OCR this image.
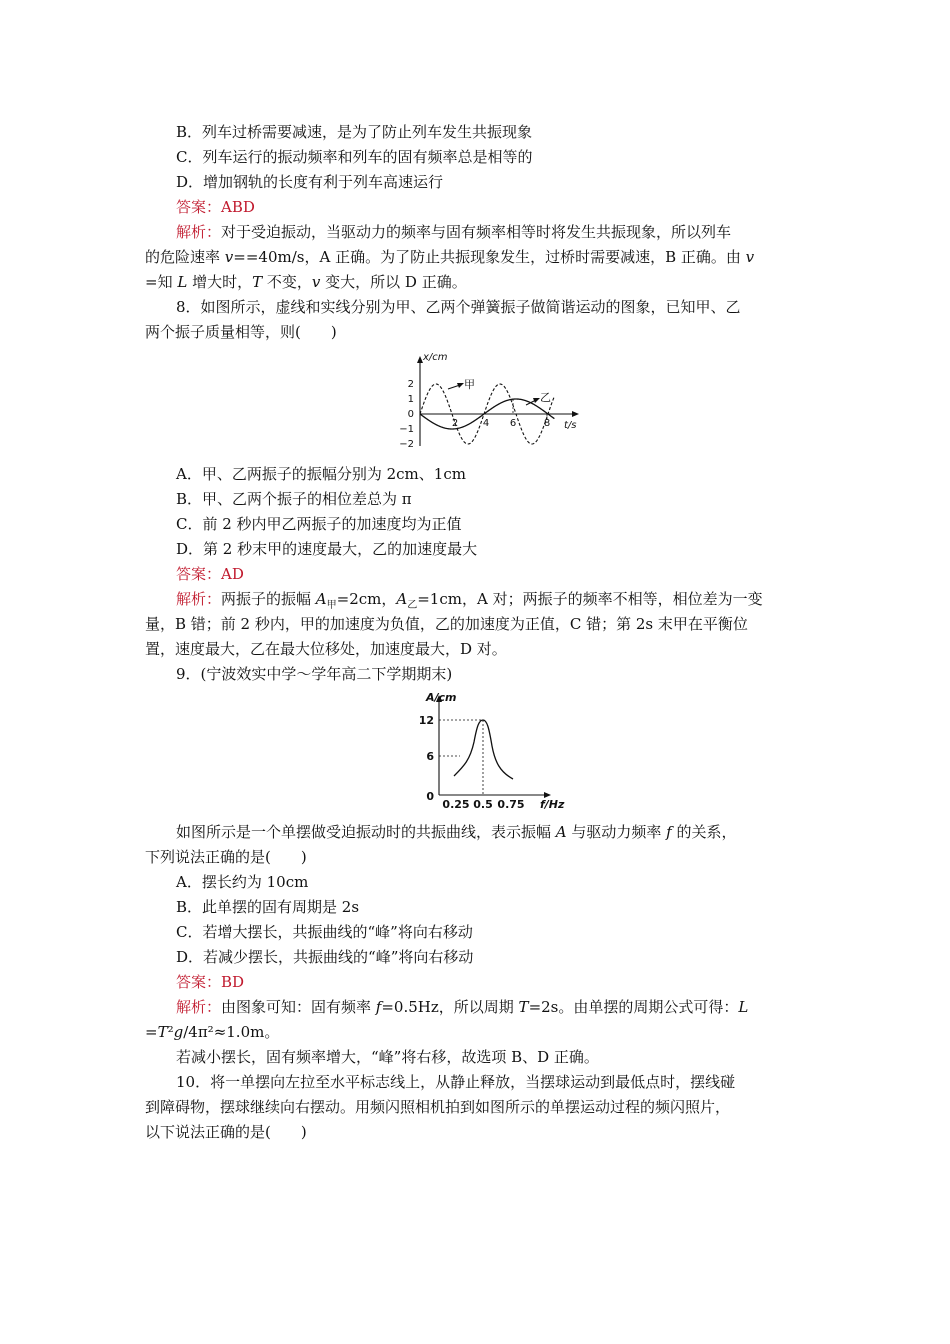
B．列车过桥需要减速，是为了防止列车发生共振现象
C．列车运行的振动频率和列车的固有频率总是相等的
D．增加钢轨的长度有利于列车高速运行
答案：ABD
解析：对于受迫振动，当驱动力的频率与固有频率相等时将发生共振现象，所以列车
的危险速率 v==40m/s，A 正确。为了防止共振现象发生，过桥时需要减速，B 正确。由 v
=知 L 增大时，T 不变，v 变大，所以 D 正确。
8．如图所示，虚线和实线分别为甲、乙两个弹簧振子做简谐运动的图象，已知甲、乙
两个振子质量相等，则(　　)
x/cm
t/s
2
1
0
−1
−2
2 4 6	8
甲
乙
A．甲、乙两振子的振幅分别为 2cm、1cm
B．甲、乙两个振子的相位差总为 π
C．前 2 秒内甲乙两振子的加速度均为正值
D．第 2 秒末甲的速度最大，乙的加速度最大
答案：AD
解析：两振子的振幅 $A_甲=2cm$，$A_乙=1cm$，A 对；两振子的频率不相等，相位差为一变
量，B 错；前 2 秒内，甲的加速度为负值，乙的加速度为正值，C 错；第 2s 末甲在平衡位
置，速度最大，乙在最大位移处，加速度最大，D 对。
9．(宁波效实中学～学年高二下学期期末)
A/cm
f/Hz
12
6
0
0.25 0.5 0.75
如图所示是一个单摆做受迫振动时的共振曲线，表示振幅 A 与驱动力频率 f 的关系，
下列说法正确的是(　　)
A．摆长约为 10cm
B．此单摆的固有周期是 2s
C．若增大摆长，共振曲线的“峰”将向右移动
D．若减少摆长，共振曲线的“峰”将向右移动
答案：BD
解析：由图象可知：固有频率 f=0.5Hz，所以周期 T=2s。由单摆的周期公式可得：L
=T²g/4π²≈1.0m。
若减小摆长，固有频率增大，“峰”将右移，故选项 B、D 正确。
10．将一单摆向左拉至水平标志线上，从静止释放，当摆球运动到最低点时，摆线碰
到障碍物，摆球继续向右摆动。用频闪照相机拍到如图所示的单摆运动过程的频闪照片，
以下说法正确的是(　　)
